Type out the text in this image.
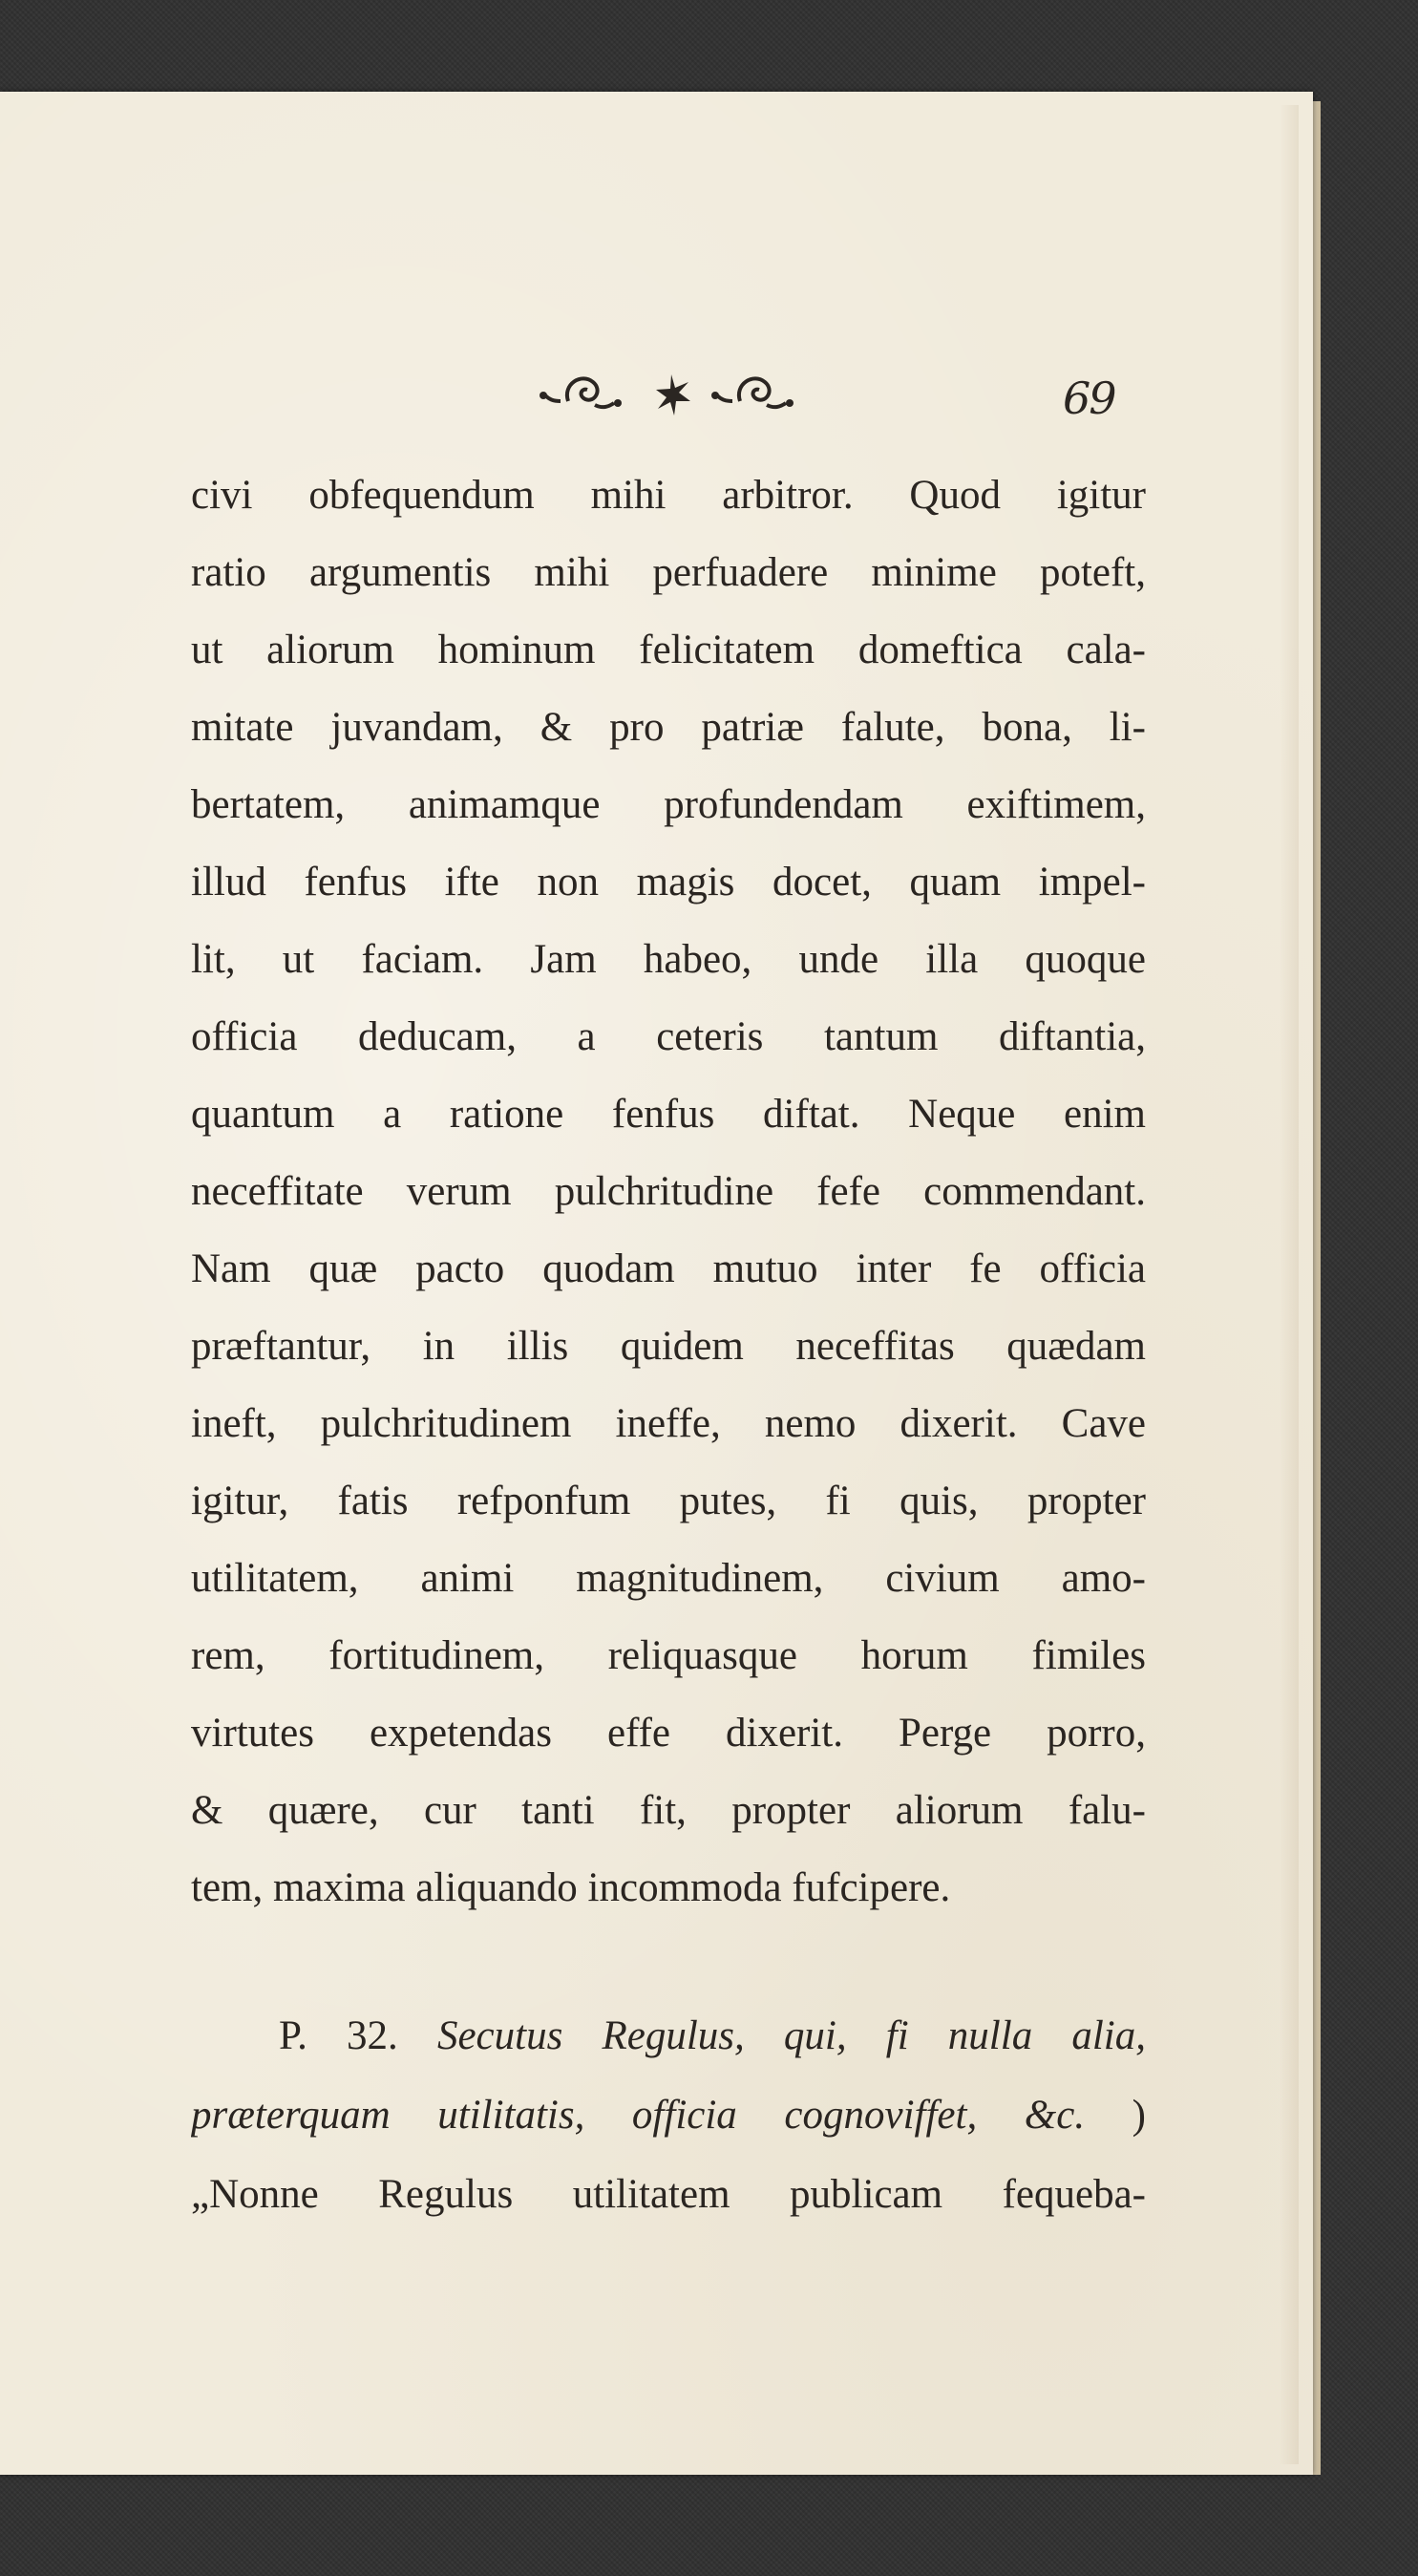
69
civi obfequendum mihi arbitror. Quod igitur
ratio argumentis mihi perfuadere minime poteft,
ut aliorum hominum felicitatem domeftica cala-
mitate juvandam, & pro patriæ falute, bona, li-
bertatem, animamque profundendam exiftimem,
illud fenfus ifte non magis docet, quam impel-
lit, ut faciam. Jam habeo, unde illa quoque
officia deducam, a ceteris tantum diftantia,
quantum a ratione fenfus diftat. Neque enim
neceffitate verum pulchritudine fefe commendant.
Nam quæ pacto quodam mutuo inter fe officia
præftantur, in illis quidem neceffitas quædam
ineft, pulchritudinem ineffe, nemo dixerit. Cave
igitur, fatis refponfum putes, fi quis, propter
utilitatem, animi magnitudinem, civium amo-
rem, fortitudinem, reliquasque horum fimiles
virtutes expetendas effe dixerit. Perge porro,
& quære, cur tanti fit, propter aliorum falu-
tem, maxima aliquando incommoda fufcipere.
P. 32. Secutus Regulus, qui, fi nulla alia,
præterquam utilitatis, officia cognoviffet, &c. )
„Nonne Regulus utilitatem publicam fequeba-
